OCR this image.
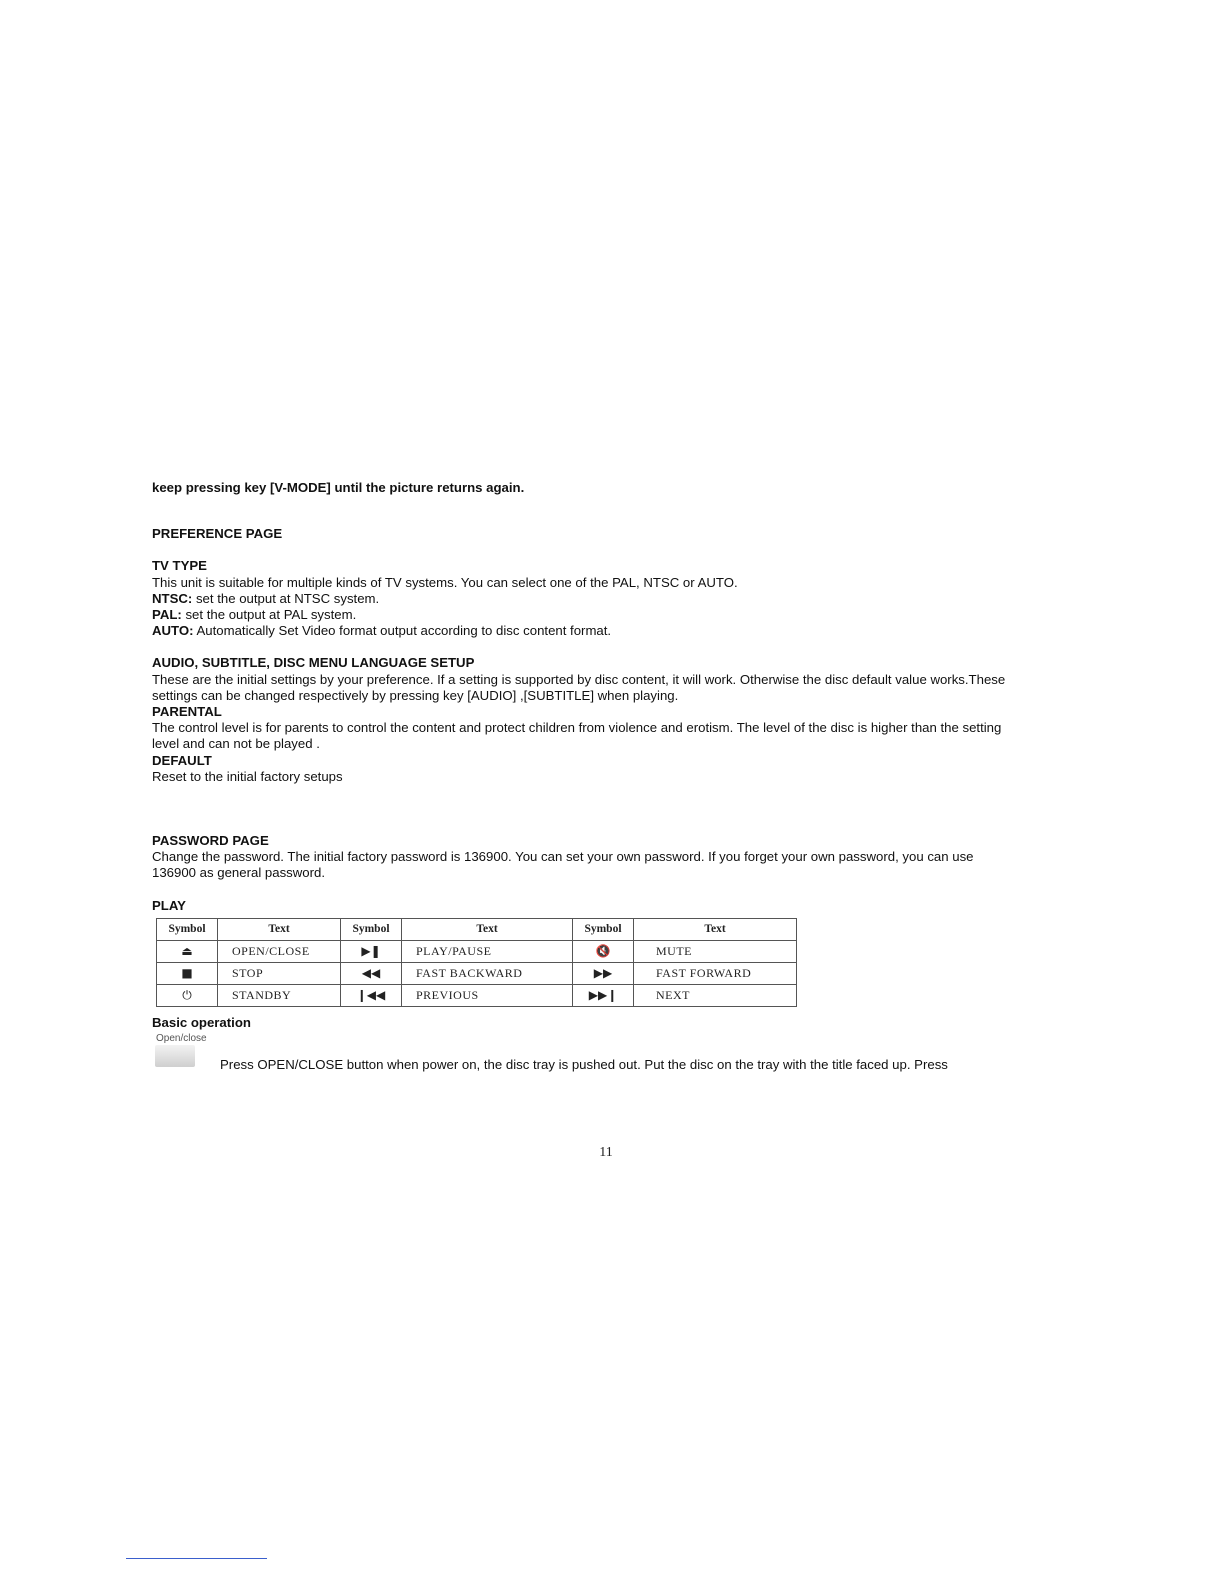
keep pressing key [V-MODE] until the picture returns again.

PREFERENCE PAGE

TV TYPE

This unit is suitable for multiple kinds of TV systems. You can select one of the PAL, NTSC or AUTO.

NTSC: set the output at NTSC system.

PAL: set the output at PAL system.

AUTO: Automatically Set Video format output according to disc content format.

AUDIO, SUBTITLE, DISC MENU LANGUAGE SETUP

These are the initial settings by your preference. If a setting is supported by disc content, it will work. Otherwise the disc default value works.These

settings can be changed respectively by pressing key [AUDIO] ,[SUBTITLE] when playing.

PARENTAL

The control level is for parents to control the content and protect children from violence and erotism. The level of the disc is higher than the setting

level and can not be played .

DEFAULT

Reset to the initial factory setups

PASSWORD PAGE

Change the password. The initial factory password is 136900. You can set your own password. If you forget your own password, you can use

136900 as general password.

PLAY

Symbol	Text	Symbol	Text	Symbol	Text
⏏	OPEN/CLOSE	▶❚	PLAY/PAUSE	🔇	MUTE
■	STOP	◀◀	FAST BACKWARD	▶▶	FAST FORWARD
⏻	STANDBY	❙◀◀	PREVIOUS	▶▶❙	NEXT

Basic operation

Open/close
Press OPEN/CLOSE button when power on, the disc tray is pushed out. Put the disc on the tray with the title faced up. Press
11
